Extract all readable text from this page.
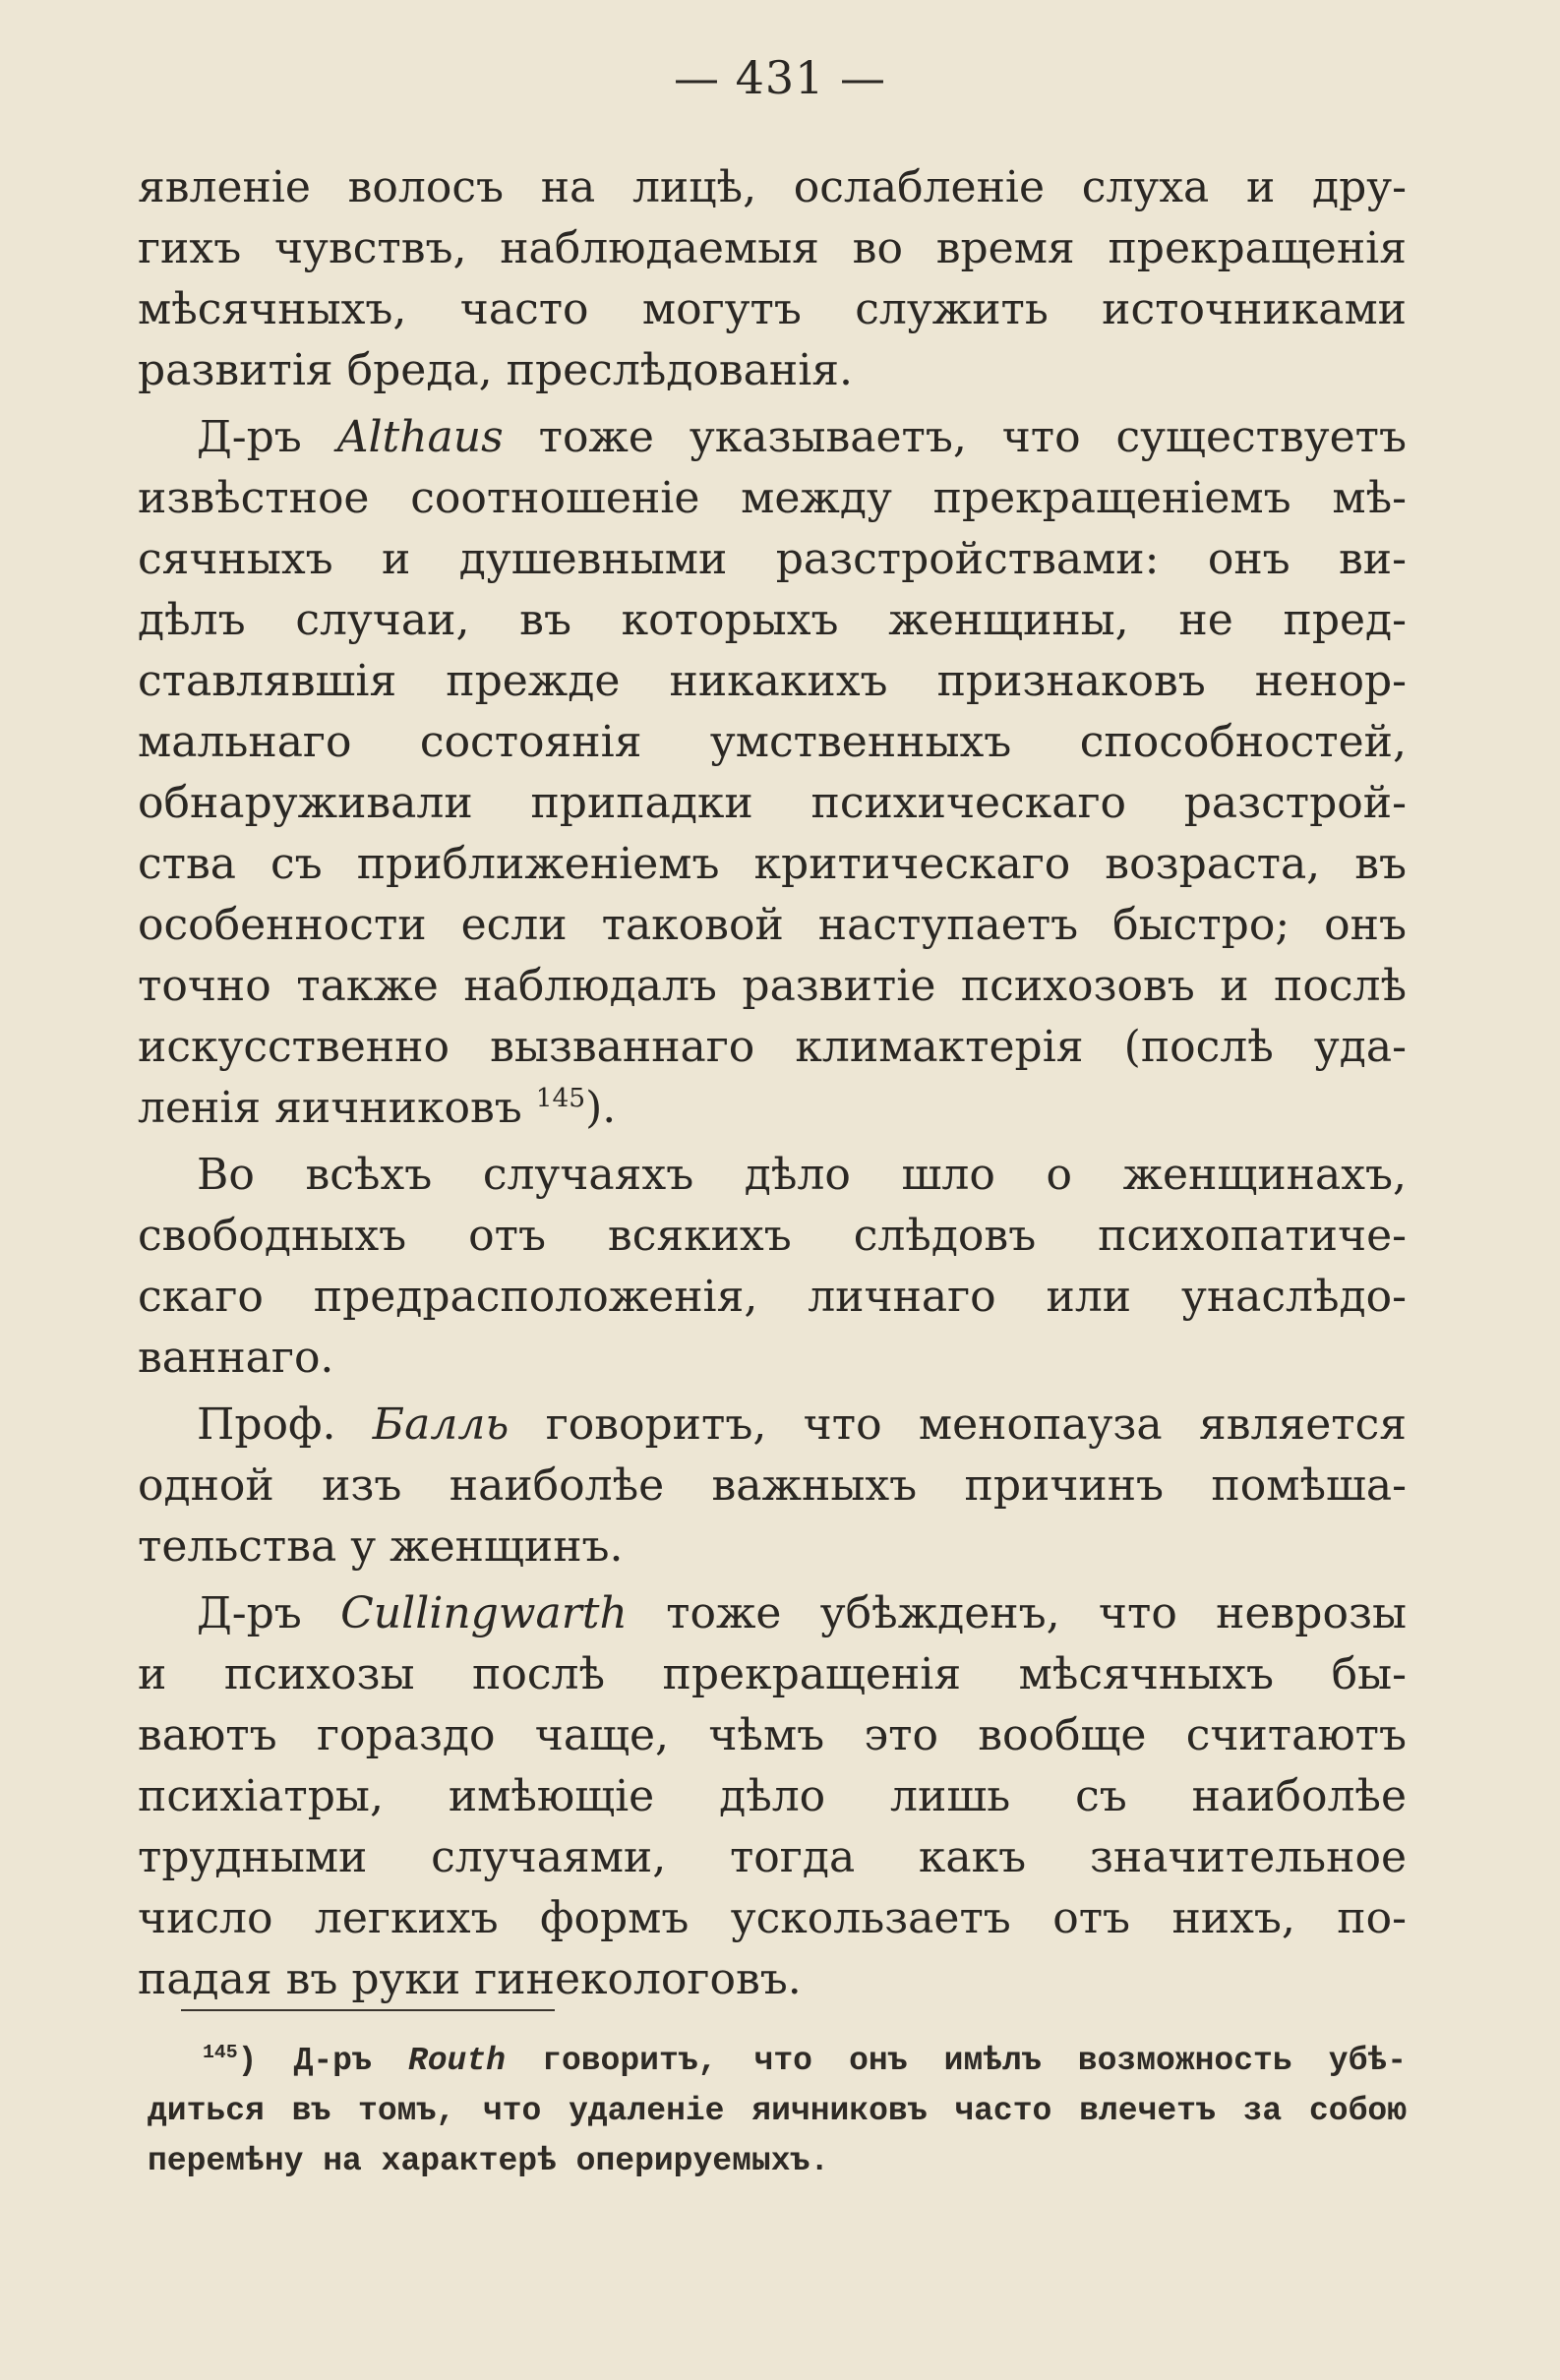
— 431 —
явленіе волосъ на лицѣ, ослабленіе слуха и дру-
гихъ чувствъ, наблюдаемыя во время прекращенія
мѣсячныхъ, часто могутъ служить источниками
развитія бреда, преслѣдованія.
Д-ръ Althaus тоже указываетъ, что существуетъ
извѣстное соотношеніе между прекращеніемъ мѣ-
сячныхъ и душевными разстройствами: онъ ви-
дѣлъ случаи, въ которыхъ женщины, не пред-
ставлявшія прежде никакихъ признаковъ ненор-
мальнаго состоянія умственныхъ способностей,
обнаруживали припадки психическаго разстрой-
ства съ приближеніемъ критическаго возраста, въ
особенности если таковой наступаетъ быстро; онъ
точно также наблюдалъ развитіе психозовъ и послѣ
искусственно вызваннаго климактерія (послѣ уда-
ленія яичниковъ $^{145}$).
Во всѣхъ случаяхъ дѣло шло о женщинахъ,
свободныхъ отъ всякихъ слѣдовъ психопатиче-
скаго предрасположенія, личнаго или унаслѣдо-
ваннаго.
Проф. Балль говоритъ, что менопауза является
одной изъ наиболѣе важныхъ причинъ помѣша-
тельства у женщинъ.
Д-ръ Cullingwarth тоже убѣжденъ, что неврозы
и психозы послѣ прекращенія мѣсячныхъ бы-
ваютъ гораздо чаще, чѣмъ это вообще считаютъ
психіатры, имѣющіе дѣло лишь съ наиболѣе
трудными случаями, тогда какъ значительное
число легкихъ формъ ускользаетъ отъ нихъ, по-
падая въ руки гинекологовъ.
$^{145}$) Д-ръ Routh говоритъ, что онъ имѣлъ возможность убѣ-
диться въ томъ, что удаленіе яичниковъ часто влечетъ за собою
перемѣну на характерѣ оперируемыхъ.
